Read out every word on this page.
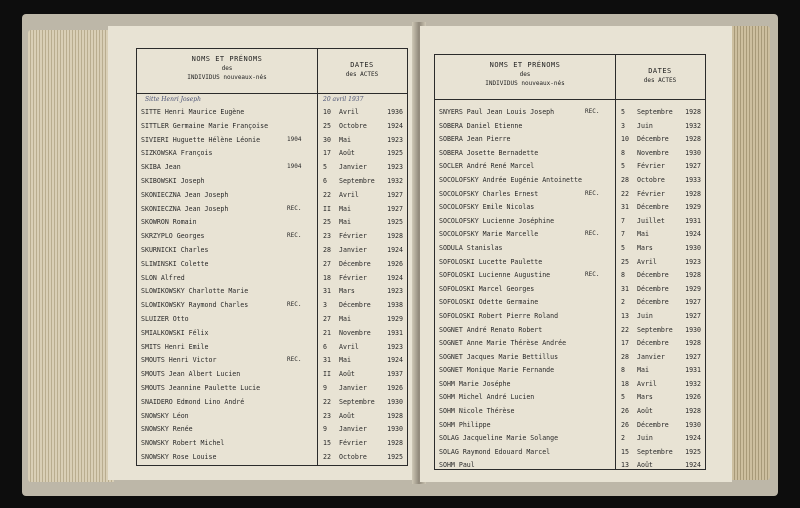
NOMS ET PRÉNOMS
des
INDIVIDUS nouveaux-nés
DATES
des ACTES
Sitte Henri Joseph	20 avril 1937
SITTE Henri Maurice Eugène	10 Avril	1936
SITTLER Germaine Marie Françoise	25 Octobre	1924
SIVIERI Huguette Hélène Léonie	1904	30 Mai	1923
SIZKOWSKA François	17 Août	1925
SKIBA Jean	1904	5 Janvier	1923
SKIBOWSKI Joseph	6 Septembre 1932
SKONIECZNA Jean Joseph	22 Avril	1927
SKONIECZNA Jean Joseph	REC.	II Mai	1927
SKOWRON Romain	25 Mai	1925
SKRZYPLO Georges	REC.	23 Février	1928
SKURNICKI Charles	28 Janvier	1924
SLIWINSKI Colette	27 Décembre 1926
SLON Alfred	18 Février	1924
SLOWIKOWSKY Charlotte Marie	31 Mars	1923
SLOWIKOWSKY Raymond Charles	REC.	3 Décembre 1938
SLUIZER Otto	27 Mai	1929
SMIALKOWSKI Félix	21 Novembre 1931
SMITS Henri Emile	6 Avril	1923
SMOUTS Henri Victor	REC.	31 Mai	1924
SMOUTS Jean Albert Lucien	II Août	1937
SMOUTS Jeannine Paulette Lucie	9 Janvier	1926
SNAIDERO Edmond Lino André	22 Septembre 1930
SNOWSKY Léon	23 Août	1928
SNOWSKY Renée	9 Janvier	1930
SNOWSKY Robert Michel	15 Février	1928
SNOWSKY Rose Louise	22 Octobre	1925
NOMS ET PRÉNOMS
des
INDIVIDUS nouveaux-nés
DATES
des ACTES
SNYERS Paul Jean Louis Joseph	REC.	5 Septembre 1928
SOBERA Daniel Etienne	3 Juin	1932
SOBERA Jean Pierre	10 Décembre 1928
SOBERA Josette Bernadette	8 Novembre 1930
SOCLER André René Marcel	5 Février	1927
SOCOLOFSKY Andrée Eugénie Antoinette	28 Octobre	1933
SOCOLOFSKY Charles Ernest	REC.	22 Février	1928
SOCOLOFSKY Emile Nicolas	31 Décembre 1929
SOCOLOFSKY Lucienne Joséphine	7 Juillet	1931
SOCOLOFSKY Marie Marcelle	REC.	7 Mai	1924
SODULA Stanislas	5 Mars	1930
SOFOLOSKI Lucette Paulette	25 Avril	1923
SOFOLOSKI Lucienne Augustine	REC.	8 Décembre 1928
SOFOLOSKI Marcel Georges	31 Décembre 1929
SOFOLOSKI Odette Germaine	2 Décembre 1927
SOFOLOSKI Robert Pierre Roland	13 Juin	1927
SOGNET André Renato Robert	22 Septembre 1930
SOGNET Anne Marie Thérèse Andrée	17 Décembre 1928
SOGNET Jacques Marie Bettillus	28 Janvier	1927
SOGNET Monique Marie Fernande	8 Mai	1931
SOHM Marie Joséphe	18 Avril	1932
SOHM Michel André Lucien	5 Mars	1926
SOHM Nicole Thérèse	26 Août	1928
SOHM Philippe	26 Décembre 1930
SOLAG Jacqueline Marie Solange	2 Juin	1924
SOLAG Raymond Edouard Marcel	15 Septembre 1925
SOHM Paul	13 Août	1924
